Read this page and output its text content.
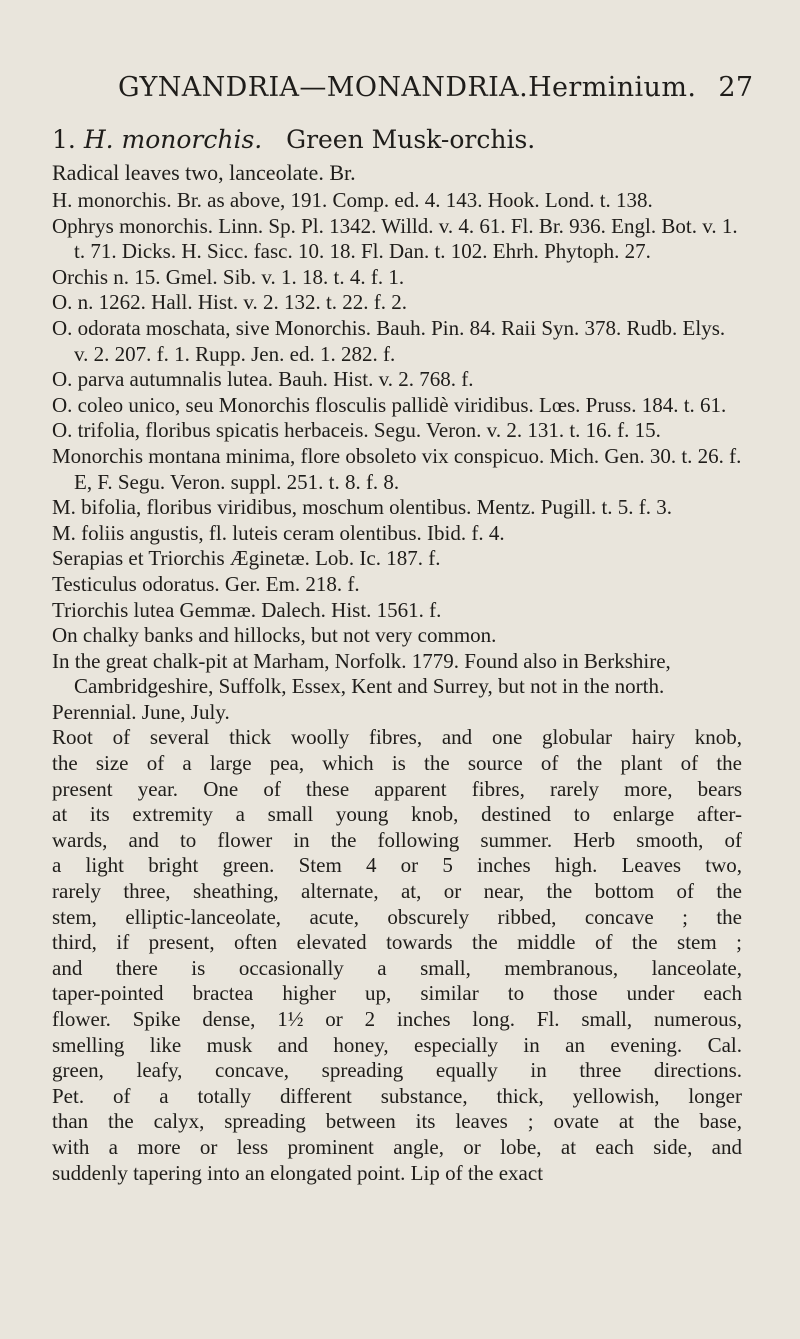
GYNANDRIA—MONANDRIA. Herminium. 27
1. H. monorchis. Green Musk-orchis.

Radical leaves two, lanceolate. Br.

H. monorchis. Br. as above, 191. Comp. ed. 4. 143. Hook. Lond. t. 138.

Ophrys monorchis. Linn. Sp. Pl. 1342. Willd. v. 4. 61. Fl. Br. 936. Engl. Bot. v. 1. t. 71. Dicks. H. Sicc. fasc. 10. 18. Fl. Dan. t. 102. Ehrh. Phytoph. 27.

Orchis n. 15. Gmel. Sib. v. 1. 18. t. 4. f. 1.

O. n. 1262. Hall. Hist. v. 2. 132. t. 22. f. 2.

O. odorata moschata, sive Monorchis. Bauh. Pin. 84. Raii Syn. 378. Rudb. Elys. v. 2. 207. f. 1. Rupp. Jen. ed. 1. 282. f.

O. parva autumnalis lutea. Bauh. Hist. v. 2. 768. f.

O. coleo unico, seu Monorchis flosculis pallidè viridibus. Lœs. Pruss. 184. t. 61.

O. trifolia, floribus spicatis herbaceis. Segu. Veron. v. 2. 131. t. 16. f. 15.

Monorchis montana minima, flore obsoleto vix conspicuo. Mich. Gen. 30. t. 26. f. E, F. Segu. Veron. suppl. 251. t. 8. f. 8.

M. bifolia, floribus viridibus, moschum olentibus. Mentz. Pugill. t. 5. f. 3.

M. foliis angustis, fl. luteis ceram olentibus. Ibid. f. 4.

Serapias et Triorchis Æginetæ. Lob. Ic. 187. f.

Testiculus odoratus. Ger. Em. 218. f.

Triorchis lutea Gemmæ. Dalech. Hist. 1561. f.

On chalky banks and hillocks, but not very common.

In the great chalk-pit at Marham, Norfolk. 1779. Found also in Berkshire, Cambridgeshire, Suffolk, Essex, Kent and Surrey, but not in the north.

Perennial. June, July.

Root of several thick woolly fibres, and one globular hairy knob,
the size of a large pea, which is the source of the plant of the
present year. One of these apparent fibres, rarely more, bears
at its extremity a small young knob, destined to enlarge after-
wards, and to flower in the following summer. Herb smooth, of
a light bright green. Stem 4 or 5 inches high. Leaves two,
rarely three, sheathing, alternate, at, or near, the bottom of the
stem, elliptic-lanceolate, acute, obscurely ribbed, concave ; the
third, if present, often elevated towards the middle of the stem ;
and there is occasionally a small, membranous, lanceolate,
taper-pointed bractea higher up, similar to those under each
flower. Spike dense, 1½ or 2 inches long. Fl. small, numerous,
smelling like musk and honey, especially in an evening. Cal.
green, leafy, concave, spreading equally in three directions.
Pet. of a totally different substance, thick, yellowish, longer
than the calyx, spreading between its leaves ; ovate at the base,
with a more or less prominent angle, or lobe, at each side, and
suddenly tapering into an elongated point. Lip of the exact
